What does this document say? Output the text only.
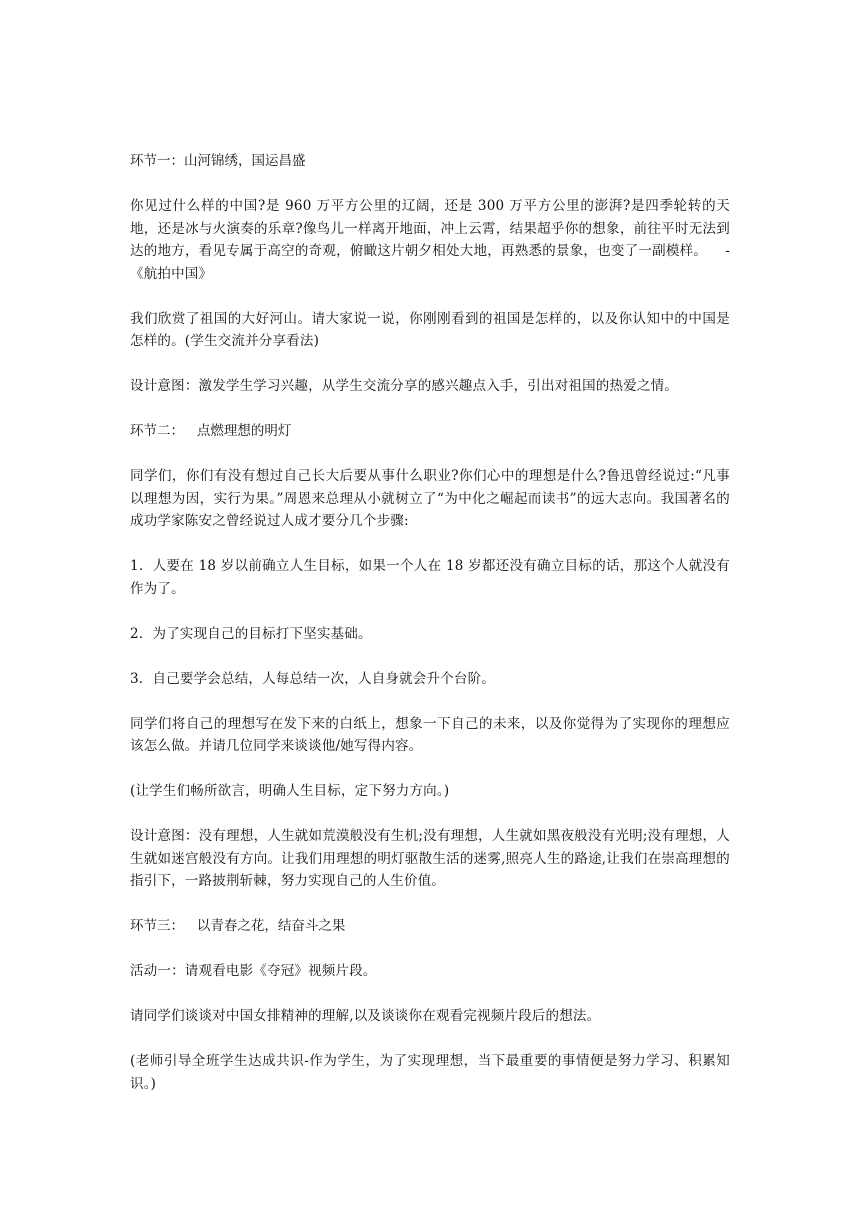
环节一：山河锦绣，国运昌盛

你见过什么样的中国?是 960 万平方公里的辽阔，还是 300 万平方公里的澎湃?是四季轮转的天地，还是冰与火演奏的乐章?像鸟儿一样离开地面，冲上云霄，结果超乎你的想象，前往平时无法到达的地方，看见专属于高空的奇观，俯瞰这片朝夕相处大地，再熟悉的景象，也变了一副模样。    -《航拍中国》

我们欣赏了祖国的大好河山。请大家说一说，你刚刚看到的祖国是怎样的，以及你认知中的中国是怎样的。(学生交流并分享看法)

设计意图：激发学生学习兴趣，从学生交流分享的感兴趣点入手，引出对祖国的热爱之情。

环节二：   点燃理想的明灯

同学们，你们有没有想过自己长大后要从事什么职业?你们心中的理想是什么?鲁迅曾经说过:“凡事以理想为因，实行为果。”周恩来总理从小就树立了“为中化之崛起而读书”的远大志向。我国著名的成功学家陈安之曾经说过人成才要分几个步骤:

1．人要在 18 岁以前确立人生目标，如果一个人在 18 岁都还没有确立目标的话，那这个人就没有作为了。

2．为了实现自己的目标打下坚实基础。

3．自己要学会总结，人每总结一次，人自身就会升个台阶。

同学们将自己的理想写在发下来的白纸上，想象一下自己的未来，以及你觉得为了实现你的理想应该怎么做。并请几位同学来谈谈他/她写得内容。

(让学生们畅所欲言，明确人生目标，定下努力方向。)

设计意图：没有理想，人生就如荒漠般没有生机;没有理想，人生就如黑夜般没有光明;没有理想，人生就如迷宫般没有方向。让我们用理想的明灯驱散生活的迷雾,照亮人生的路途,让我们在崇高理想的指引下，一路披荆斩棘，努力实现自己的人生价值。

环节三：   以青春之花，结奋斗之果

活动一：请观看电影《夺冠》视频片段。

请同学们谈谈对中国女排精神的理解,以及谈谈你在观看完视频片段后的想法。

(老师引导全班学生达成共识-作为学生，为了实现理想，当下最重要的事情便是努力学习、积累知识。)
